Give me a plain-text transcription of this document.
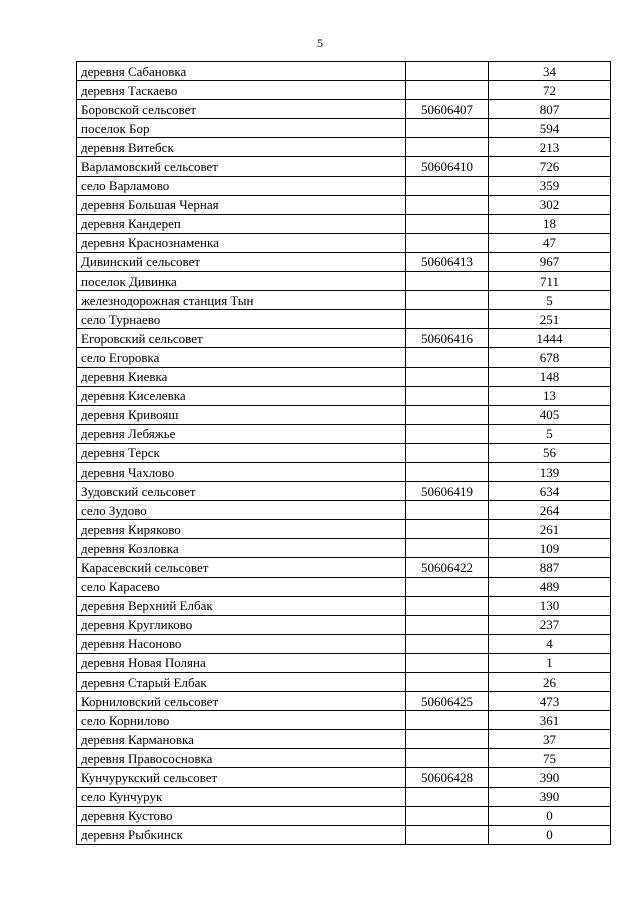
5
деревня Сабановка		34
деревня Таскаево		72
Боровской сельсовет	50606407	807
поселок Бор		594
деревня Витебск		213
Варламовский сельсовет	50606410	726
село Варламово		359
деревня Большая Черная		302
деревня Кандереп		18
деревня Краснознаменка		47
Дивинский сельсовет	50606413	967
поселок Дивинка		711
железнодорожная станция Тын		5
село Турнаево		251
Егоровский сельсовет	50606416	1444
село Егоровка		678
деревня Киевка		148
деревня Киселевка		13
деревня Кривояш		405
деревня Лебяжье		5
деревня Терск		56
деревня Чахлово		139
Зудовский сельсовет	50606419	634
село Зудово		264
деревня Киряково		261
деревня Козловка		109
Карасевский сельсовет	50606422	887
село Карасево		489
деревня Верхний Елбак		130
деревня Кругликово		237
деревня Насоново		4
деревня Новая Поляна		1
деревня Старый Елбак		26
Корниловский сельсовет	50606425	473
село Корнилово		361
деревня Кармановка		37
деревня Правососновка		75
Кунчурукский сельсовет	50606428	390
село Кунчурук		390
деревня Кустово		0
деревня Рыбкинск		0
